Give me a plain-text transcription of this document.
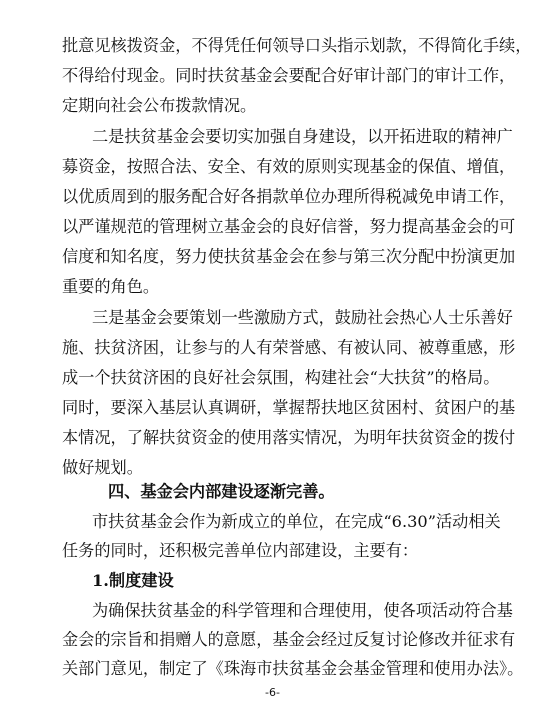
批意见核拨资金，不得凭任何领导口头指示划款，不得简化手续，
不得给付现金。同时扶贫基金会要配合好审计部门的审计工作，
定期向社会公布拨款情况。
二是扶贫基金会要切实加强自身建设，以开拓进取的精神广
募资金，按照合法、安全、有效的原则实现基金的保值、增值，
以优质周到的服务配合好各捐款单位办理所得税减免申请工作，
以严谨规范的管理树立基金会的良好信誉，努力提高基金会的可
信度和知名度，努力使扶贫基金会在参与第三次分配中扮演更加
重要的角色。
三是基金会要策划一些激励方式，鼓励社会热心人士乐善好
施、扶贫济困，让参与的人有荣誉感、有被认同、被尊重感，形
成一个扶贫济困的良好社会氛围，构建社会“大扶贫”的格局。
同时，要深入基层认真调研，掌握帮扶地区贫困村、贫困户的基
本情况，了解扶贫资金的使用落实情况，为明年扶贫资金的拨付
做好规划。
四、基金会内部建设逐渐完善。
市扶贫基金会作为新成立的单位，在完成“6.30”活动相关
任务的同时，还积极完善单位内部建设，主要有：
1.制度建设
为确保扶贫基金的科学管理和合理使用，使各项活动符合基
金会的宗旨和捐赠人的意愿，基金会经过反复讨论修改并征求有
-6-
关部门意见，制定了《珠海市扶贫基金会基金管理和使用办法》。
